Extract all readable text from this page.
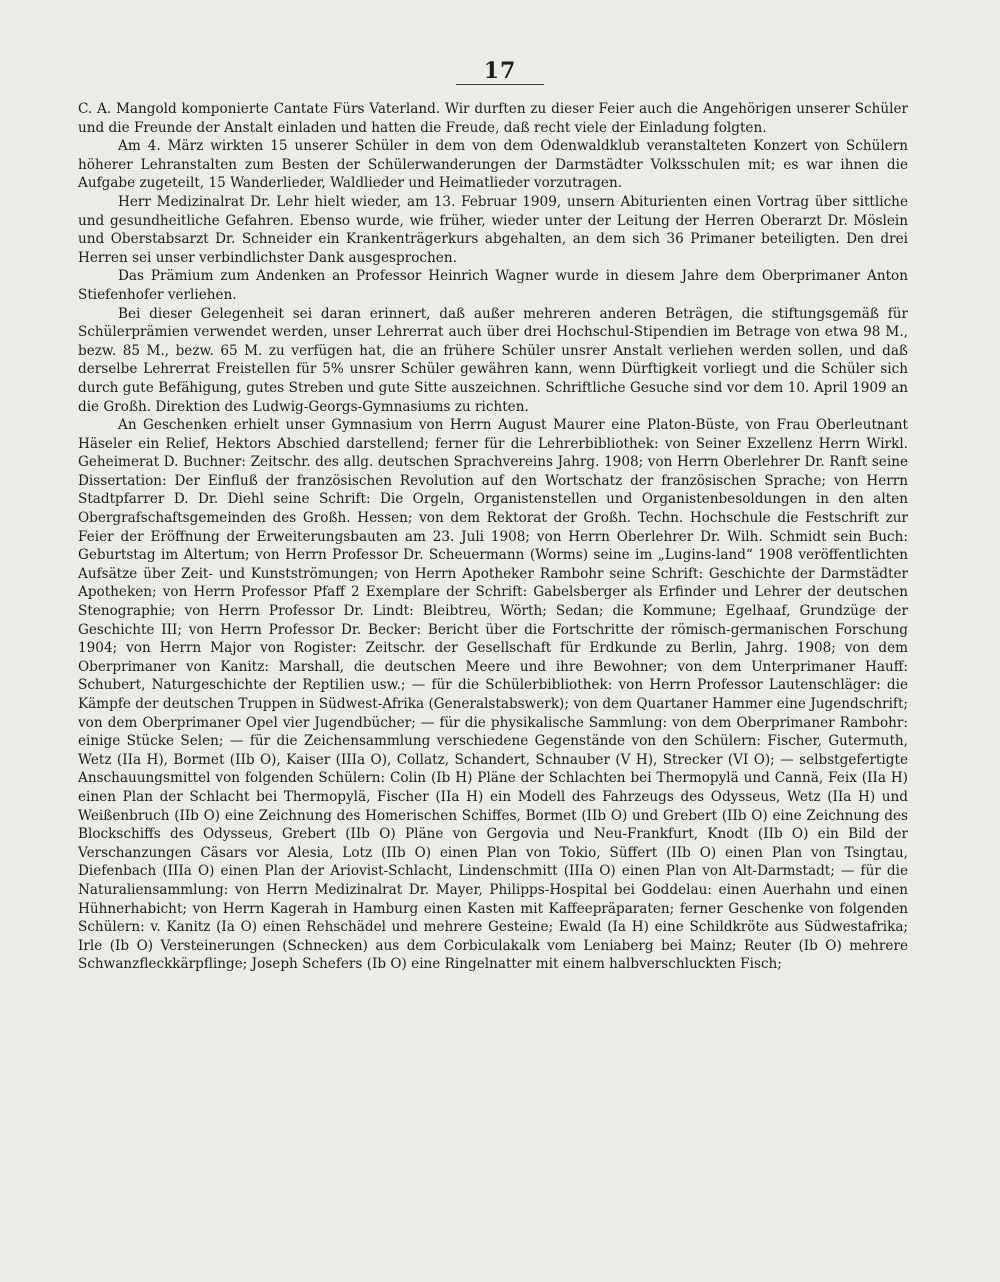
17

C. A. Mangold komponierte Cantate Fürs Vaterland. Wir durften zu dieser Feier auch die Angehörigen unserer Schüler und die Freunde der Anstalt einladen und hatten die Freude, daß recht viele der Einladung folgten.

Am 4. März wirkten 15 unserer Schüler in dem von dem Odenwaldklub veranstalteten Konzert von Schülern höherer Lehranstalten zum Besten der Schülerwanderungen der Darmstädter Volksschulen mit; es war ihnen die Aufgabe zugeteilt, 15 Wanderlieder, Waldlieder und Heimatlieder vorzutragen.

Herr Medizinalrat Dr. Lehr hielt wieder, am 13. Februar 1909, unsern Abiturienten einen Vortrag über sittliche und gesundheitliche Gefahren. Ebenso wurde, wie früher, wieder unter der Leitung der Herren Oberarzt Dr. Möslein und Oberstabsarzt Dr. Schneider ein Krankenträgerkurs abgehalten, an dem sich 36 Primaner beteiligten. Den drei Herren sei unser verbindlichster Dank ausgesprochen.

Das Prämium zum Andenken an Professor Heinrich Wagner wurde in diesem Jahre dem Oberprimaner Anton Stiefenhofer verliehen.

Bei dieser Gelegenheit sei daran erinnert, daß außer mehreren anderen Beträgen, die stiftungsgemäß für Schülerprämien verwendet werden, unser Lehrerrat auch über drei Hochschul-Stipendien im Betrage von etwa 98 M., bezw. 85 M., bezw. 65 M. zu verfügen hat, die an frühere Schüler unsrer Anstalt verliehen werden sollen, und daß derselbe Lehrerrat Freistellen für 5% unsrer Schüler gewähren kann, wenn Dürftigkeit vorliegt und die Schüler sich durch gute Befähigung, gutes Streben und gute Sitte auszeichnen. Schriftliche Gesuche sind vor dem 10. April 1909 an die Großh. Direktion des Ludwig-Georgs-Gymnasiums zu richten.

An Geschenken erhielt unser Gymnasium von Herrn August Maurer eine Platon-Büste, von Frau Oberleutnant Häseler ein Relief, Hektors Abschied darstellend; ferner für die Lehrerbibliothek: von Seiner Exzellenz Herrn Wirkl. Geheimerat D. Buchner: Zeitschr. des allg. deutschen Sprachvereins Jahrg. 1908; von Herrn Oberlehrer Dr. Ranft seine Dissertation: Der Einfluß der französischen Revolution auf den Wortschatz der französischen Sprache; von Herrn Stadtpfarrer D. Dr. Diehl seine Schrift: Die Orgeln, Organistenstellen und Organistenbesoldungen in den alten Obergrafschaftsgemeinden des Großh. Hessen; von dem Rektorat der Großh. Techn. Hochschule die Festschrift zur Feier der Eröffnung der Erweiterungsbauten am 23. Juli 1908; von Herrn Oberlehrer Dr. Wilh. Schmidt sein Buch: Geburtstag im Altertum; von Herrn Professor Dr. Scheuermann (Worms) seine im „Lugins-land“ 1908 veröffentlichten Aufsätze über Zeit- und Kunstströmungen; von Herrn Apotheker Rambohr seine Schrift: Geschichte der Darmstädter Apotheken; von Herrn Professor Pfaff 2 Exemplare der Schrift: Gabelsberger als Erfinder und Lehrer der deutschen Stenographie; von Herrn Professor Dr. Lindt: Bleibtreu, Wörth; Sedan; die Kommune; Egelhaaf, Grundzüge der Geschichte III; von Herrn Professor Dr. Becker: Bericht über die Fortschritte der römisch-germanischen Forschung 1904; von Herrn Major von Rogister: Zeitschr. der Gesellschaft für Erdkunde zu Berlin, Jahrg. 1908; von dem Oberprimaner von Kanitz: Marshall, die deutschen Meere und ihre Bewohner; von dem Unterprimaner Hauff: Schubert, Naturgeschichte der Reptilien usw.; — für die Schülerbibliothek: von Herrn Professor Lautenschläger: die Kämpfe der deutschen Truppen in Südwest-Afrika (Generalstabswerk); von dem Quartaner Hammer eine Jugendschrift; von dem Oberprimaner Opel vier Jugendbücher; — für die physikalische Sammlung: von dem Oberprimaner Rambohr: einige Stücke Selen; — für die Zeichensammlung verschiedene Gegenstände von den Schülern: Fischer, Gutermuth, Wetz (IIa H), Bormet (IIb O), Kaiser (IIIa O), Collatz, Schandert, Schnauber (V H), Strecker (VI O); — selbstgefertigte Anschauungsmittel von folgenden Schülern: Colin (Ib H) Pläne der Schlachten bei Thermopylä und Cannä, Feix (IIa H) einen Plan der Schlacht bei Thermopylä, Fischer (IIa H) ein Modell des Fahrzeugs des Odysseus, Wetz (IIa H) und Weißenbruch (IIb O) eine Zeichnung des Homerischen Schiffes, Bormet (IIb O) und Grebert (IIb O) eine Zeichnung des Blockschiffs des Odysseus, Grebert (IIb O) Pläne von Gergovia und Neu-Frankfurt, Knodt (IIb O) ein Bild der Verschanzungen Cäsars vor Alesia, Lotz (IIb O) einen Plan von Tokio, Süffert (IIb O) einen Plan von Tsingtau, Diefenbach (IIIa O) einen Plan der Ariovist-Schlacht, Lindenschmitt (IIIa O) einen Plan von Alt-Darmstadt; — für die Naturaliensammlung: von Herrn Medizinalrat Dr. Mayer, Philipps-Hospital bei Goddelau: einen Auerhahn und einen Hühnerhabicht; von Herrn Kagerah in Hamburg einen Kasten mit Kaffeepräparaten; ferner Geschenke von folgenden Schülern: v. Kanitz (Ia O) einen Rehschädel und mehrere Gesteine; Ewald (Ia H) eine Schildkröte aus Südwestafrika; Irle (Ib O) Versteinerungen (Schnecken) aus dem Corbiculakalk vom Leniaberg bei Mainz; Reuter (Ib O) mehrere Schwanzfleckkärpflinge; Joseph Schefers (Ib O) eine Ringelnatter mit einem halbverschluckten Fisch;
